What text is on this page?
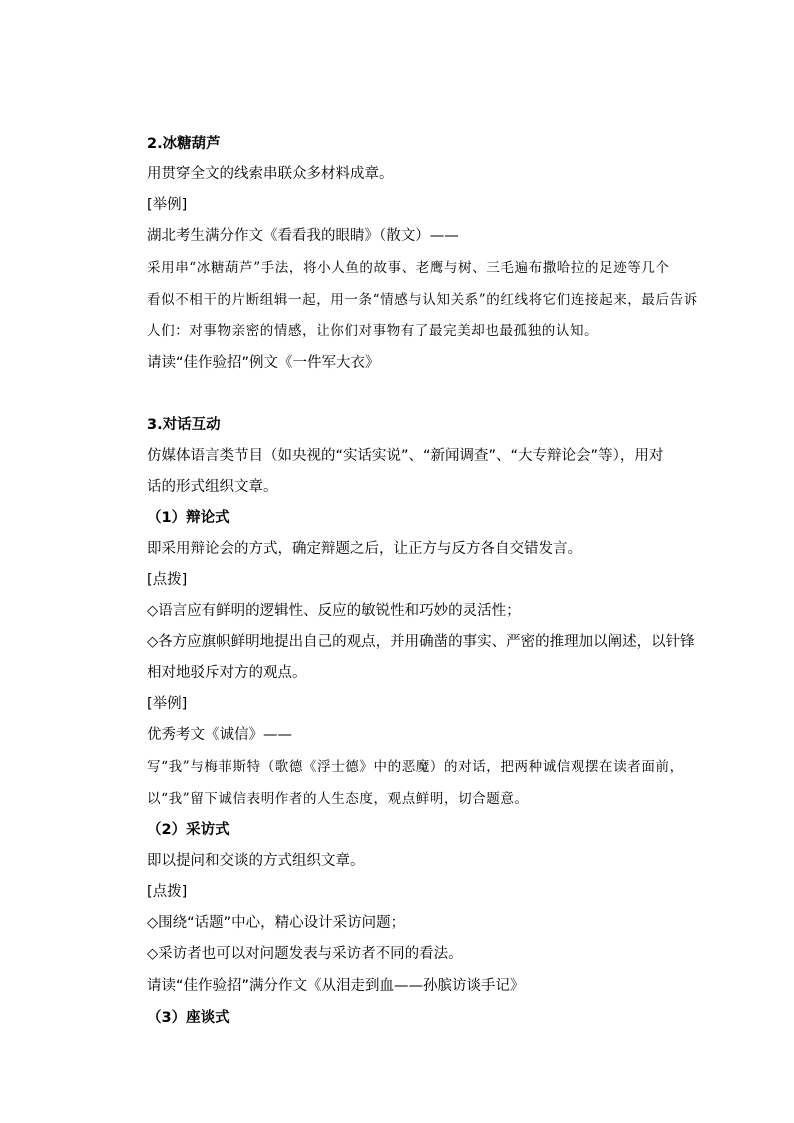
2.冰糖葫芦
用贯穿全文的线索串联众多材料成章。
[举例]
湖北考生满分作文《看看我的眼睛》（散文）——
采用串“冰糖葫芦”手法，将小人鱼的故事、老鹰与树、三毛遍布撒哈拉的足迹等几个
看似不相干的片断组辑一起，用一条“情感与认知关系”的红线将它们连接起来，最后告诉
人们：对事物亲密的情感，让你们对事物有了最完美却也最孤独的认知。
请读“佳作验招”例文《一件军大衣》
3.对话互动
仿媒体语言类节目（如央视的“实话实说”、“新闻调查”、“大专辩论会”等），用对
话的形式组织文章。
（1）辩论式
即采用辩论会的方式，确定辩题之后，让正方与反方各自交错发言。
[点拨]
◇语言应有鲜明的逻辑性、反应的敏锐性和巧妙的灵活性；
◇各方应旗帜鲜明地提出自己的观点，并用确凿的事实、严密的推理加以阐述，以针锋
相对地驳斥对方的观点。
[举例]
优秀考文《诚信》——
写“我”与梅菲斯特（歌德《浮士德》中的恶魔）的对话，把两种诚信观摆在读者面前，
以“我”留下诚信表明作者的人生态度，观点鲜明，切合题意。
（2）采访式
即以提问和交谈的方式组织文章。
[点拨]
◇围绕“话题”中心，精心设计采访问题；
◇采访者也可以对问题发表与采访者不同的看法。
请读“佳作验招”满分作文《从泪走到血——孙膑访谈手记》
（3）座谈式
